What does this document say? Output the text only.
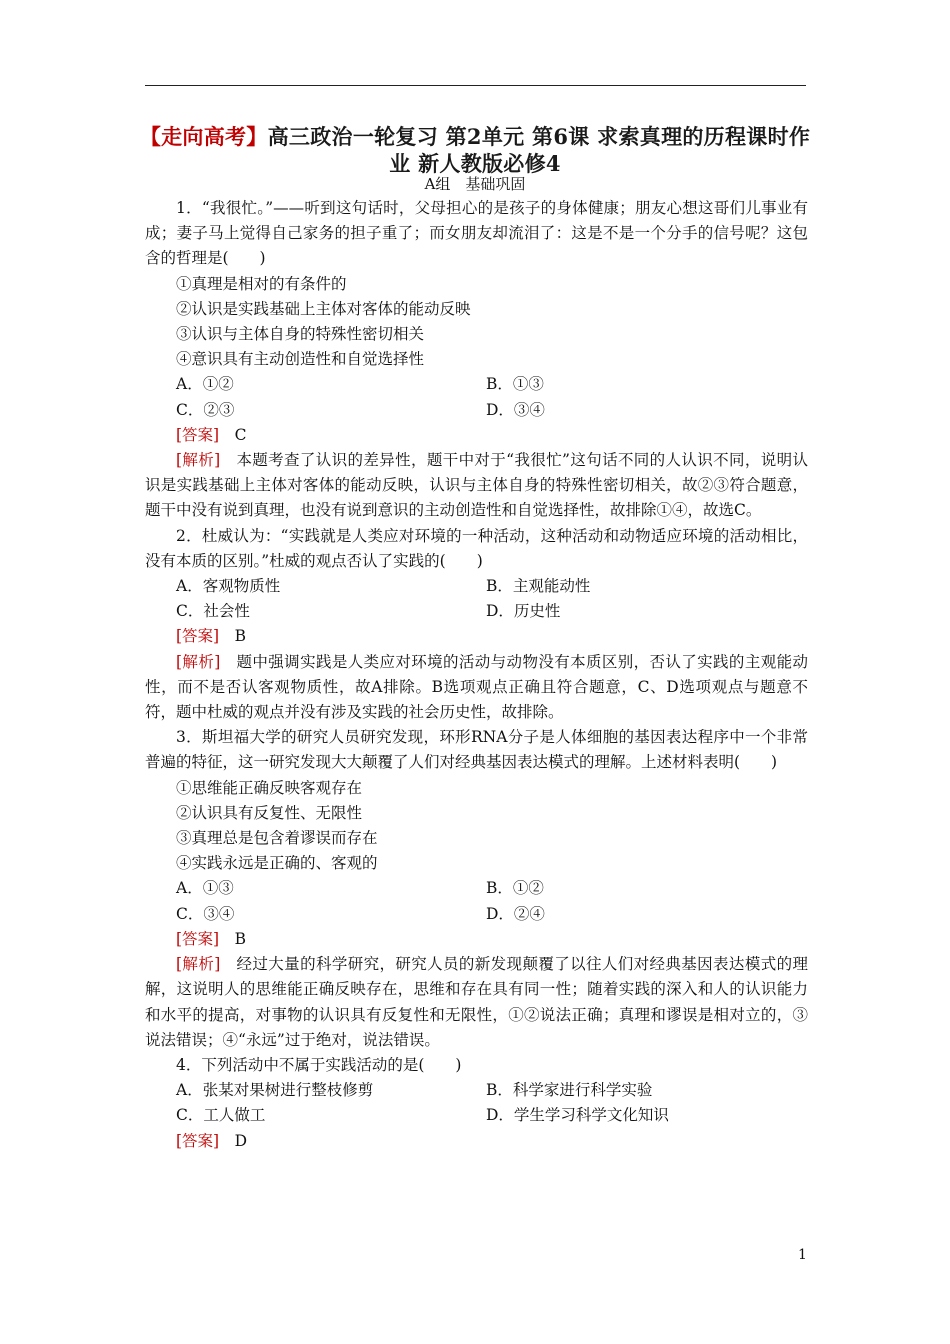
【走向高考】高三政治一轮复习 第2单元 第6课 求索真理的历程课时作业 新人教版必修4
A组　基础巩固

1．“我很忙。”——听到这句话时，父母担心的是孩子的身体健康；朋友心想这哥们儿事业有成；妻子马上觉得自己家务的担子重了；而女朋友却流泪了：这是不是一个分手的信号呢？这包含的哲理是(　　)

①真理是相对的有条件的

②认识是实践基础上主体对客体的能动反映

③认识与主体自身的特殊性密切相关

④意识具有主动创造性和自觉选择性

A．①②	B．①③
C．②③	D．③④

[答案]　 C

[解析]　 本题考查了认识的差异性，题干中对于“我很忙”这句话不同的人认识不同，说明认识是实践基础上主体对客体的能动反映，认识与主体自身的特殊性密切相关，故②③符合题意，题干中没有说到真理，也没有说到意识的主动创造性和自觉选择性，故排除①④，故选C。

2．杜威认为：“实践就是人类应对环境的一种活动，这种活动和动物适应环境的活动相比，没有本质的区别。”杜威的观点否认了实践的(　　)

A．客观物质性	B．主观能动性
C．社会性	D．历史性

[答案]　 B

[解析]　 题中强调实践是人类应对环境的活动与动物没有本质区别，否认了实践的主观能动性，而不是否认客观物质性，故A排除。B选项观点正确且符合题意，C、D选项观点与题意不符，题中杜威的观点并没有涉及实践的社会历史性，故排除。

3．斯坦福大学的研究人员研究发现，环形RNA分子是人体细胞的基因表达程序中一个非常普遍的特征，这一研究发现大大颠覆了人们对经典基因表达模式的理解。上述材料表明(　　)

①思维能正确反映客观存在

②认识具有反复性、无限性

③真理总是包含着谬误而存在

④实践永远是正确的、客观的

A．①③	B．①②
C．③④	D．②④

[答案]　 B

[解析]　 经过大量的科学研究，研究人员的新发现颠覆了以往人们对经典基因表达模式的理解，这说明人的思维能正确反映存在，思维和存在具有同一性；随着实践的深入和人的认识能力和水平的提高，对事物的认识具有反复性和无限性，①②说法正确；真理和谬误是相对立的，③说法错误；④“永远”过于绝对，说法错误。

4．下列活动中不属于实践活动的是(　　)

A．张某对果树进行整枝修剪	B．科学家进行科学实验
C．工人做工	D．学生学习科学文化知识

[答案]　 D

1
